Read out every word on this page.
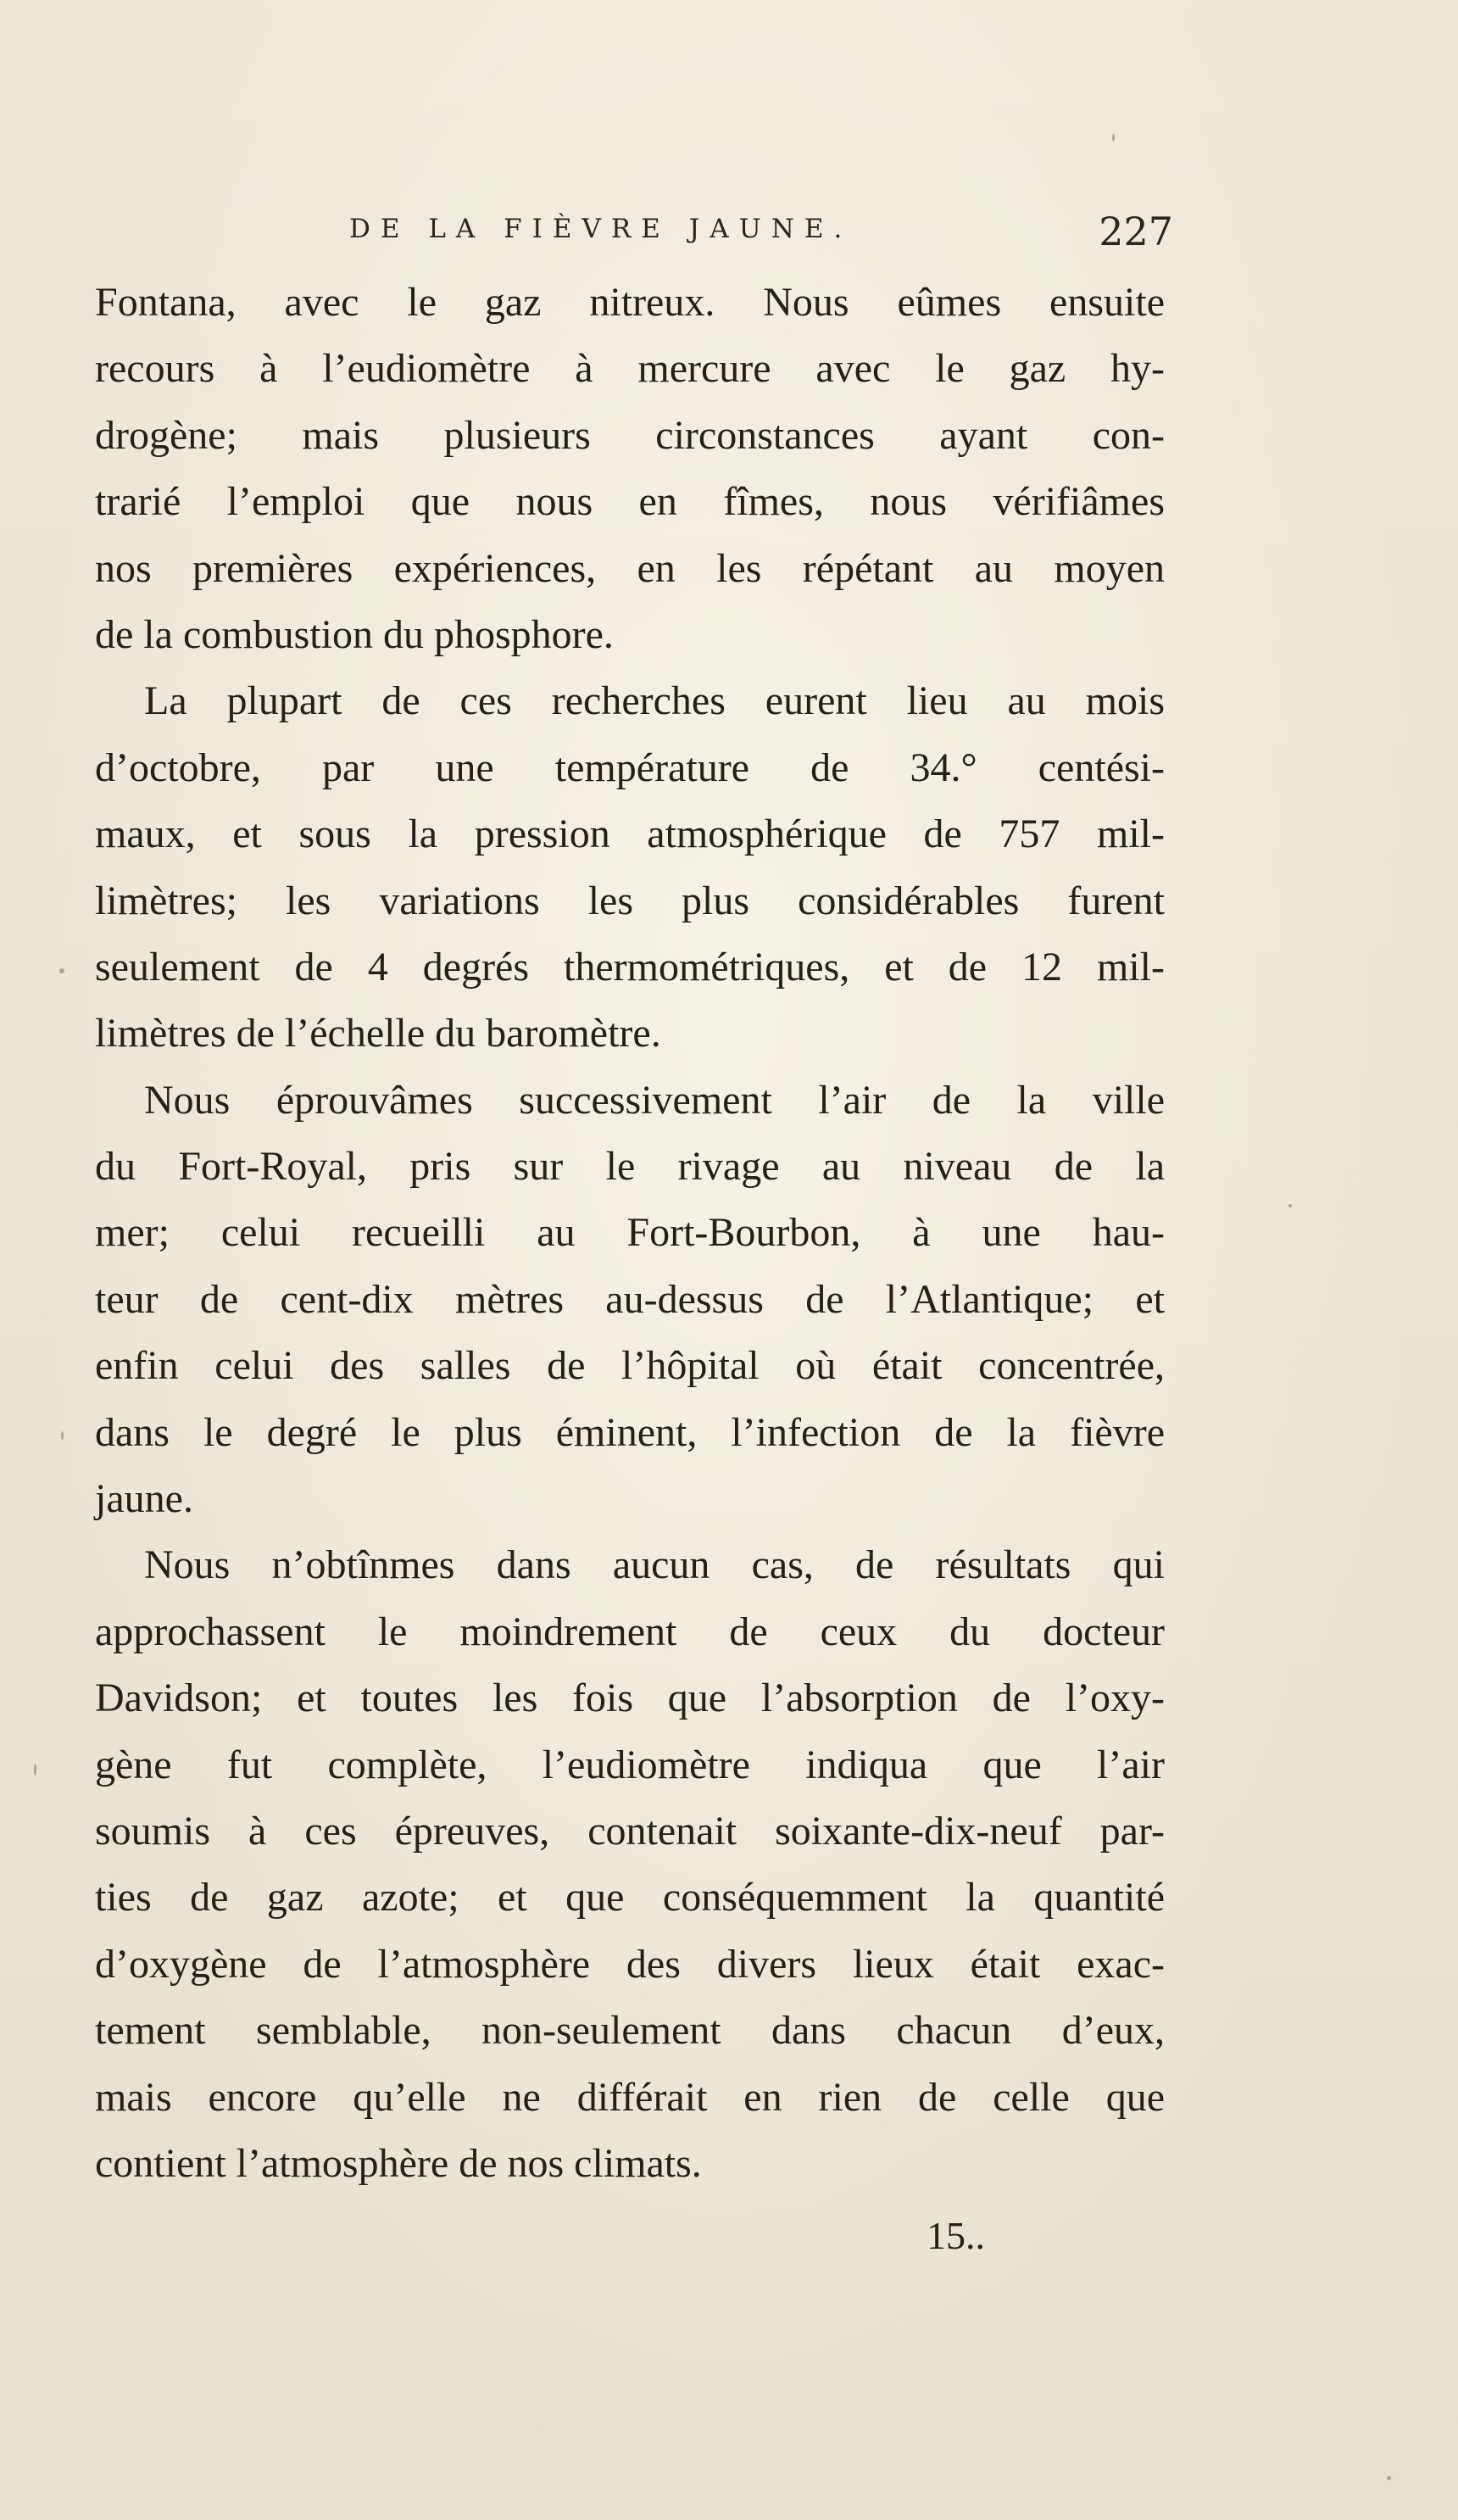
DE LA FIÈVRE JAUNE.	227
Fontana, avec le gaz nitreux. Nous eûmes ensuite
recours à l’eudiomètre à mercure avec le gaz hy-
drogène; mais plusieurs circonstances ayant con-
trarié l’emploi que nous en fîmes, nous vérifiâmes
nos premières expériences, en les répétant au moyen
de la combustion du phosphore.
La plupart de ces recherches eurent lieu au mois
d’octobre, par une température de 34.° centési-
maux, et sous la pression atmosphérique de 757 mil-
limètres; les variations les plus considérables furent
seulement de 4 degrés thermométriques, et de 12 mil-
limètres de l’échelle du baromètre.
Nous éprouvâmes successivement l’air de la ville
du Fort-Royal, pris sur le rivage au niveau de la
mer; celui recueilli au Fort-Bourbon, à une hau-
teur de cent-dix mètres au-dessus de l’Atlantique; et
enfin celui des salles de l’hôpital où était concentrée,
dans le degré le plus éminent, l’infection de la fièvre
jaune.
Nous n’obtînmes dans aucun cas, de résultats qui
approchassent le moindrement de ceux du docteur
Davidson; et toutes les fois que l’absorption de l’oxy-
gène fut complète, l’eudiomètre indiqua que l’air
soumis à ces épreuves, contenait soixante-dix-neuf par-
ties de gaz azote; et que conséquemment la quantité
d’oxygène de l’atmosphère des divers lieux était exac-
tement semblable, non-seulement dans chacun d’eux,
mais encore qu’elle ne différait en rien de celle que
contient l’atmosphère de nos climats.
15..
